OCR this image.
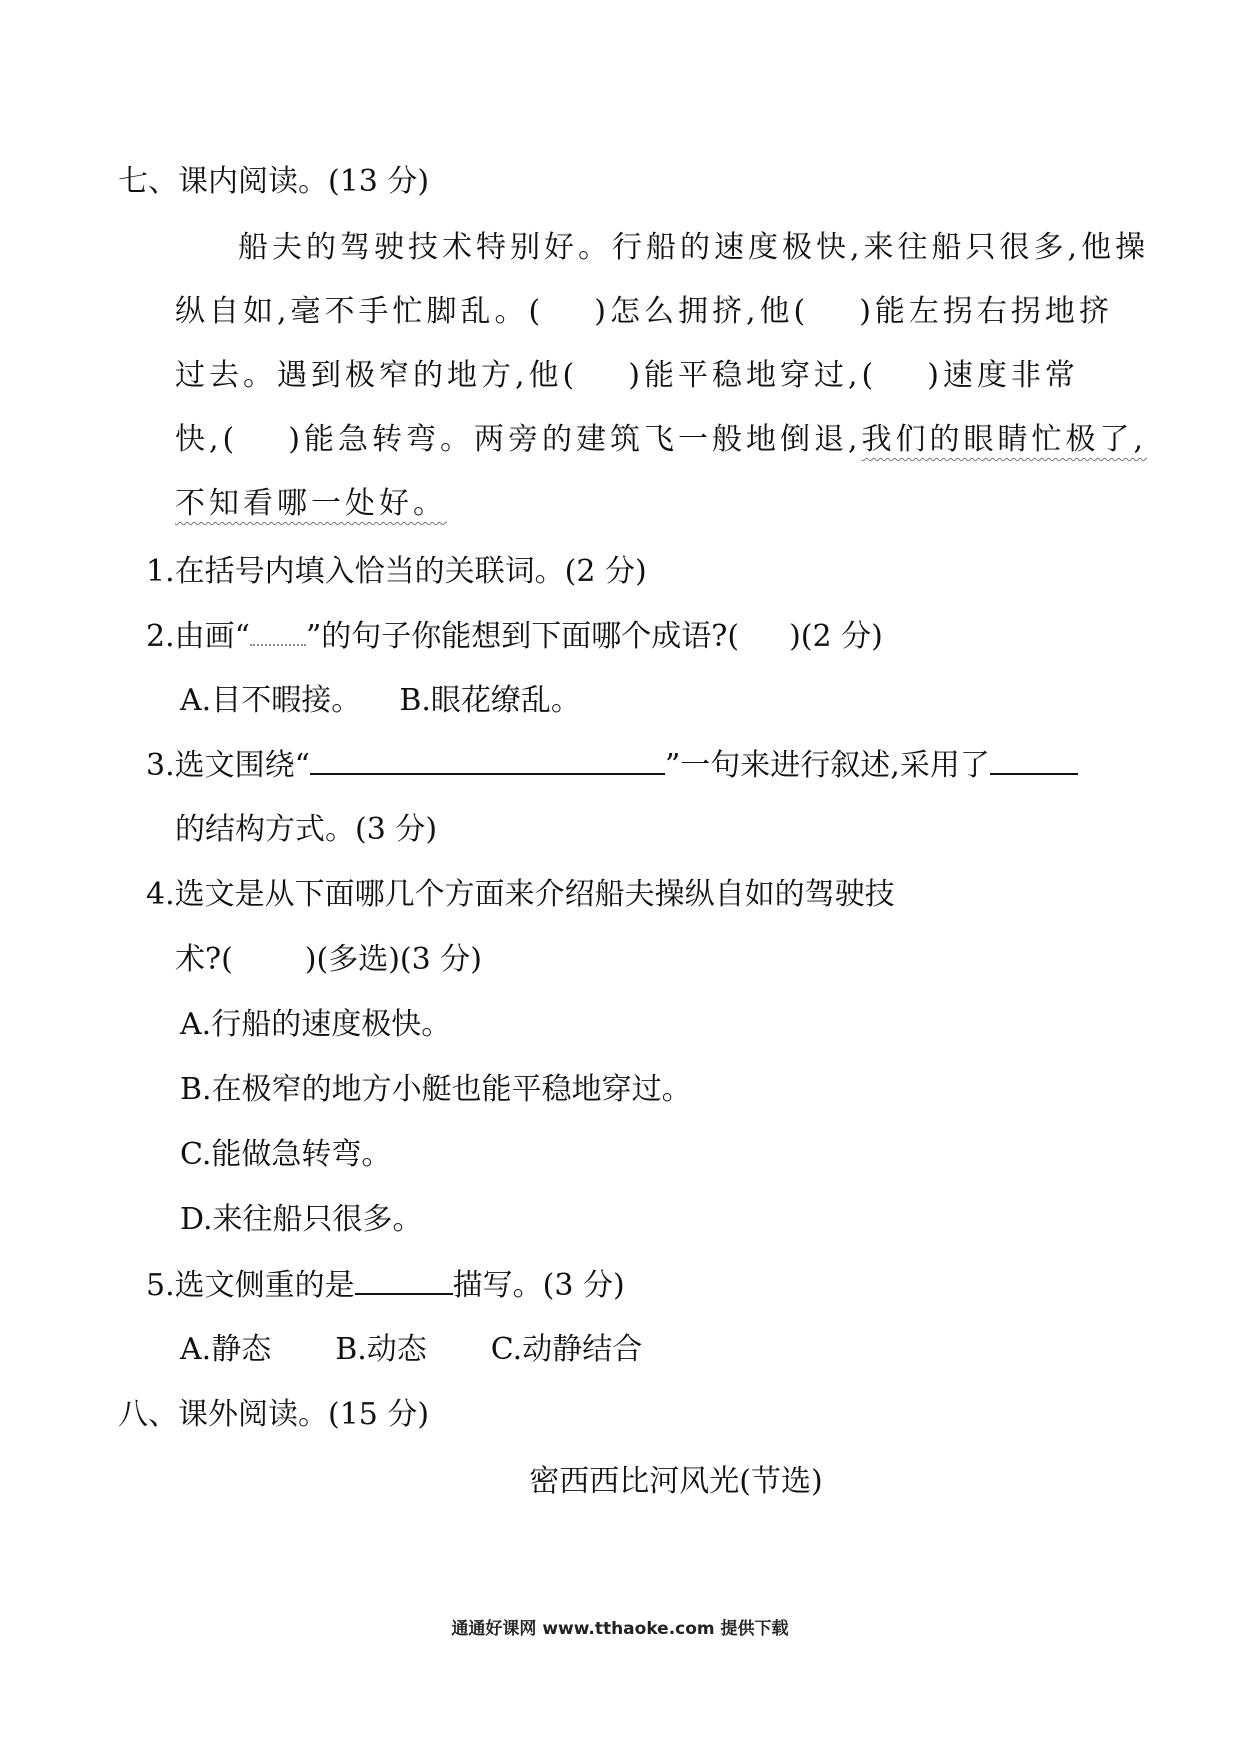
七、课内阅读。(13 分)
船夫的驾驶技术特别好。行船的速度极快,来往船只很多,他操
纵自如,毫不手忙脚乱。( )怎么拥挤,他( )能左拐右拐地挤
过去。遇到极窄的地方,他( )能平稳地穿过,( )速度非常
快,( )能急转弯。两旁的建筑飞一般地倒退,我们的眼睛忙极了,
不知看哪一处好。
1.在括号内填入恰当的关联词。(2 分)
2.由画“ ”的句子你能想到下面哪个成语?( )(2 分)
A.目不暇接。    B.眼花缭乱。
3.选文围绕“	”一句来进行叙述,采用了
的结构方式。(3 分)
4.选文是从下面哪几个方面来介绍船夫操纵自如的驾驶技
术?( )(多选)(3 分)
A.行船的速度极快。
B.在极窄的地方小艇也能平稳地穿过。
C.能做急转弯。
D.来往船只很多。
5.选文侧重的是	描写。(3 分)
A.静态 B.动态 C.动静结合
八、课外阅读。(15 分)
密西西比河风光(节选)
通通好课网 www.tthaoke.com 提供下载
